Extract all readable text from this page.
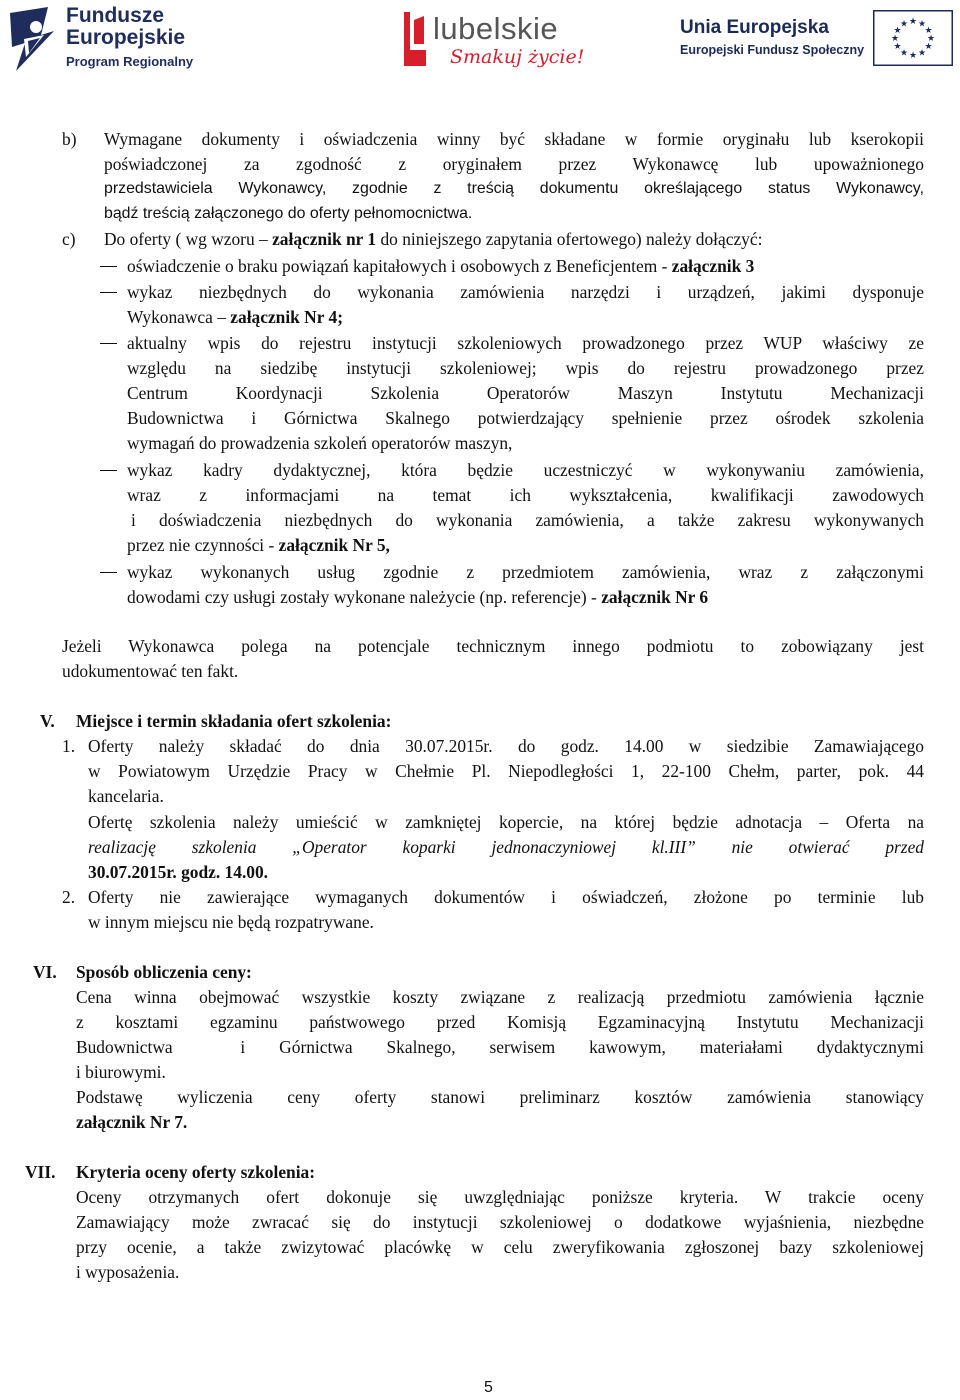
Fundusze
Europejskie
Program Regionalny
lubelskie
Smakuj życie!
Unia Europejska
Europejski Fundusz Społeczny
★ ★
★
★
★
★
★
★
★
★
★
★
b) Wymagane dokumenty i oświadczenia winny być składane w formie oryginału lub kserokopii
poświadczonej za zgodność z oryginałem przez Wykonawcę lub upoważnionego
przedstawiciela Wykonawcy, zgodnie z treścią dokumentu określającego status Wykonawcy,
bądź treścią załączonego do oferty pełnomocnictwa.
c) Do oferty ( wg wzoru – załącznik nr 1 do niniejszego zapytania ofertowego) należy dołączyć:
oświadczenie o braku powiązań kapitałowych i osobowych z Beneficjentem - załącznik 3
wykaz niezbędnych do wykonania zamówienia narzędzi i urządzeń, jakimi dysponuje
Wykonawca – załącznik Nr 4;
aktualny wpis do rejestru instytucji szkoleniowych prowadzonego przez WUP właściwy ze
względu na siedzibę instytucji szkoleniowej; wpis do rejestru prowadzonego przez
Centrum Koordynacji Szkolenia Operatorów Maszyn Instytutu Mechanizacji
Budownictwa i Górnictwa Skalnego potwierdzający spełnienie przez ośrodek szkolenia
wymagań do prowadzenia szkoleń operatorów maszyn,
wykaz kadry dydaktycznej, która będzie uczestniczyć w wykonywaniu zamówienia,
wraz z informacjami na temat ich wykształcenia, kwalifikacji zawodowych
i doświadczenia niezbędnych do wykonania zamówienia, a także zakresu wykonywanych
przez nie czynności - załącznik Nr 5,
wykaz wykonanych usług zgodnie z przedmiotem zamówienia, wraz z załączonymi
dowodami czy usługi zostały wykonane należycie (np. referencje) - załącznik Nr 6
Jeżeli Wykonawca polega na potencjale technicznym innego podmiotu to zobowiązany jest
udokumentować ten fakt.
V. Miejsce i termin składania ofert szkolenia:
1. Oferty należy składać do dnia 30.07.2015r. do godz. 14.00 w siedzibie Zamawiającego
w Powiatowym Urzędzie Pracy w Chełmie Pl. Niepodległości 1, 22-100 Chełm, parter, pok. 44
kancelaria.
Ofertę szkolenia należy umieścić w zamkniętej kopercie, na której będzie adnotacja – Oferta na
realizację szkolenia „Operator koparki jednonaczyniowej kl.III” nie otwierać przed
30.07.2015r. godz. 14.00.
2. Oferty nie zawierające wymaganych dokumentów i oświadczeń, złożone po terminie lub
w innym miejscu nie będą rozpatrywane.
VI. Sposób obliczenia ceny:
Cena winna obejmować wszystkie koszty związane z realizacją przedmiotu zamówienia łącznie
z kosztami egzaminu państwowego przed Komisją Egzaminacyjną Instytutu Mechanizacji
Budownictwa  i Górnictwa Skalnego, serwisem kawowym, materiałami dydaktycznymi
i biurowymi.
Podstawę wyliczenia ceny oferty stanowi preliminarz kosztów zamówienia stanowiący
załącznik Nr 7.
VII. Kryteria oceny oferty szkolenia:
Oceny otrzymanych ofert dokonuje się uwzględniając poniższe kryteria. W trakcie oceny
Zamawiający może zwracać się do instytucji szkoleniowej o dodatkowe wyjaśnienia, niezbędne
przy ocenie, a także zwizytować placówkę w celu zweryfikowania zgłoszonej bazy szkoleniowej
i wyposażenia.
5
